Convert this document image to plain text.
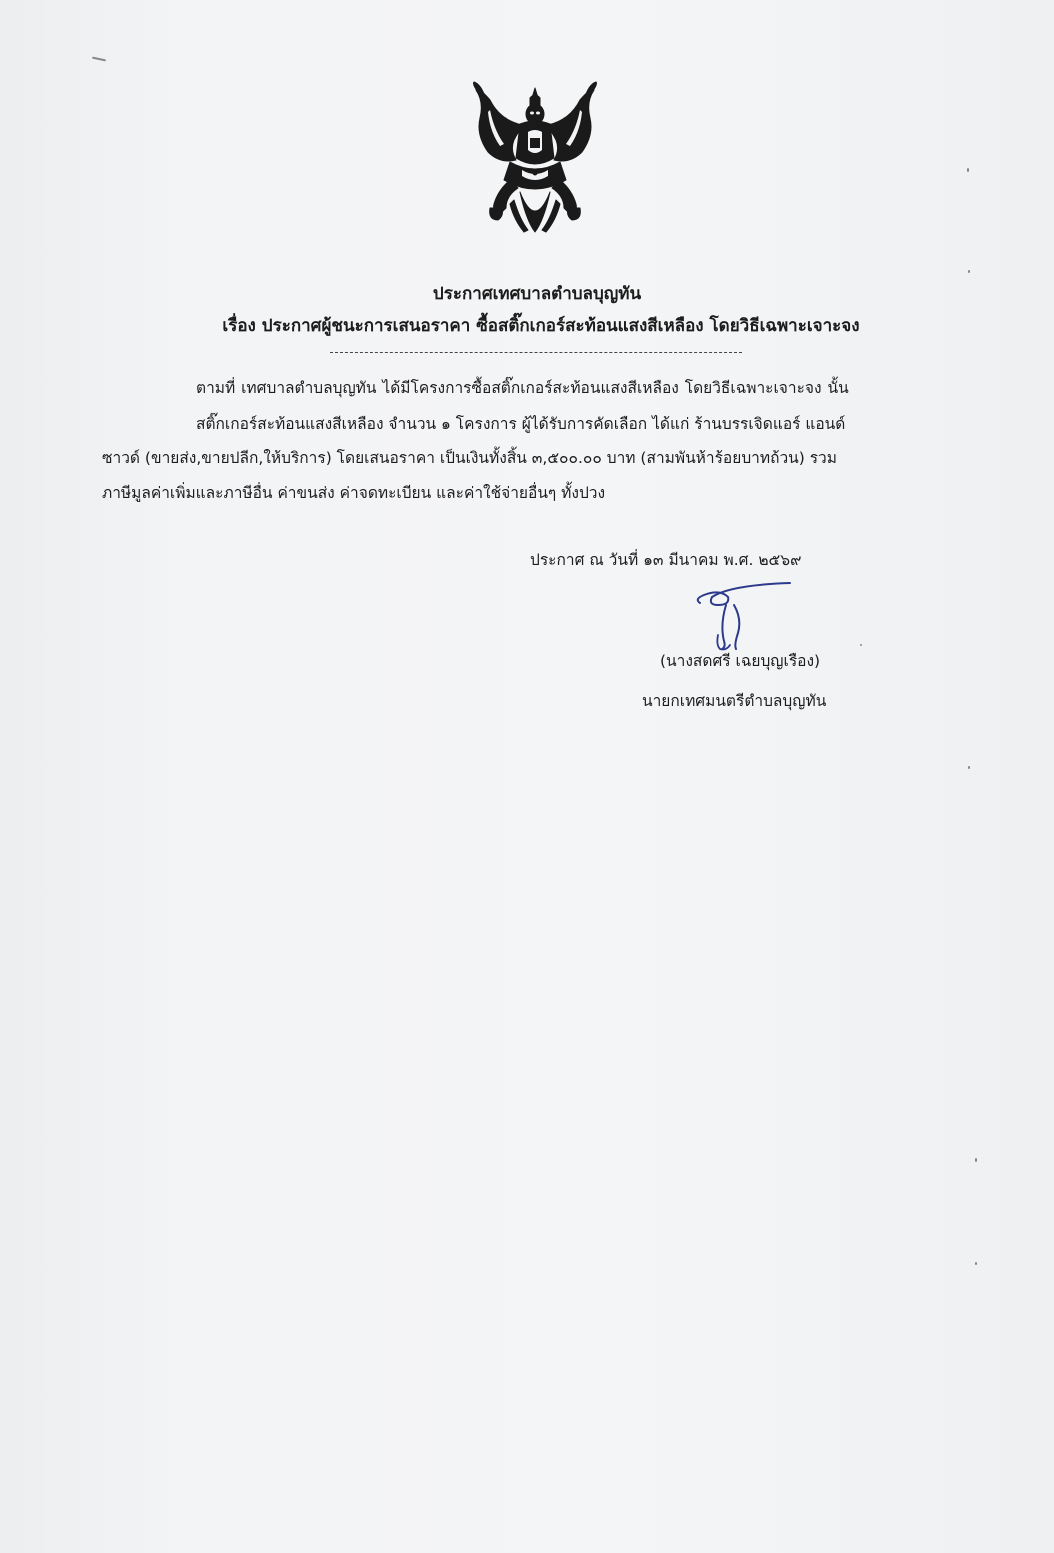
ประกาศเทศบาลตำบลบุญทัน
เรื่อง ประกาศผู้ชนะการเสนอราคา ซื้อสติ๊กเกอร์สะท้อนแสงสีเหลือง โดยวิธีเฉพาะเจาะจง
ตามที่ เทศบาลตำบลบุญทัน ได้มีโครงการซื้อสติ๊กเกอร์สะท้อนแสงสีเหลือง โดยวิธีเฉพาะเจาะจง นั้น
สติ๊กเกอร์สะท้อนแสงสีเหลือง จำนวน ๑ โครงการ ผู้ได้รับการคัดเลือก ได้แก่ ร้านบรรเจิดแอร์ แอนด์
ซาวด์ (ขายส่ง,ขายปลีก,ให้บริการ) โดยเสนอราคา เป็นเงินทั้งสิ้น ๓,๕๐๐.๐๐ บาท (สามพันห้าร้อยบาทถ้วน) รวม
ภาษีมูลค่าเพิ่มและภาษีอื่น ค่าขนส่ง ค่าจดทะเบียน และค่าใช้จ่ายอื่นๆ ทั้งปวง
ประกาศ ณ วันที่ ๑๓ มีนาคม พ.ศ. ๒๕๖๙
(นางสดศรี เฉยบุญเรือง)
นายกเทศมนตรีตำบลบุญทัน
